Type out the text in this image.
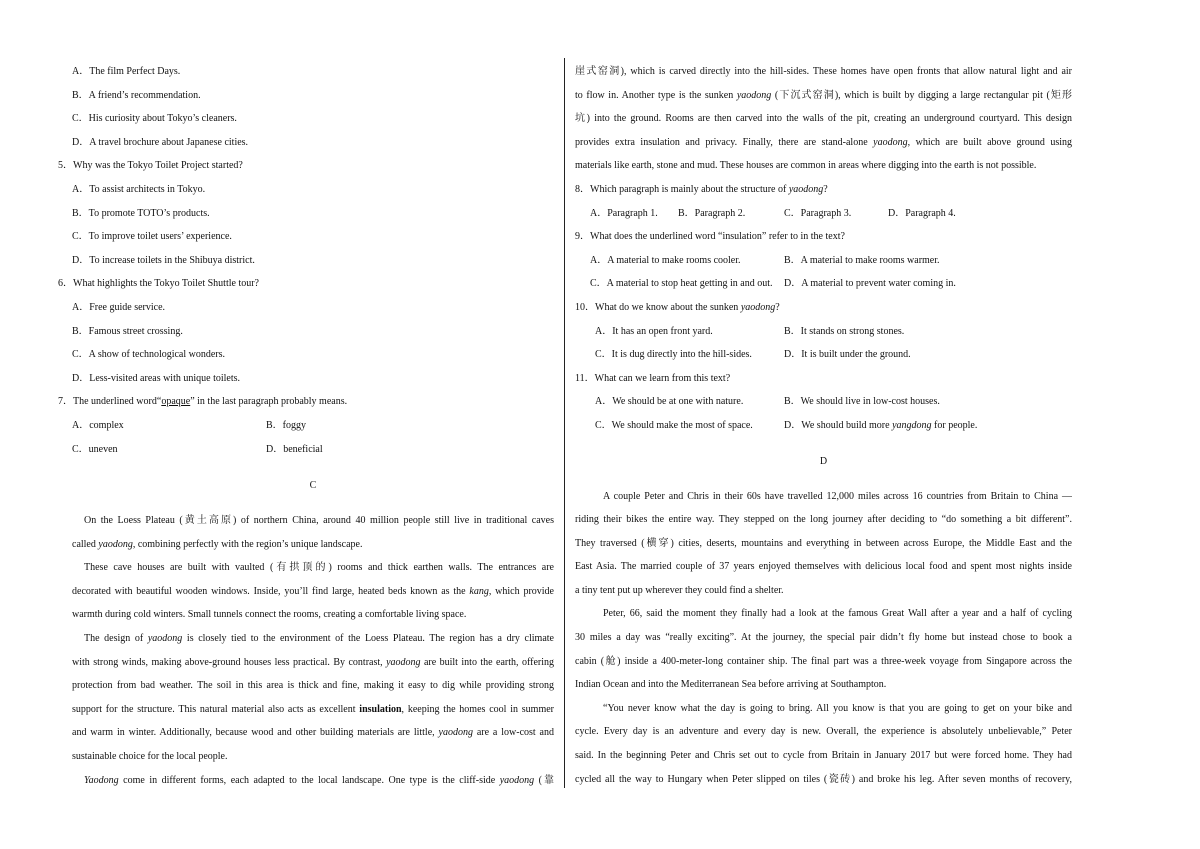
A．The film Perfect Days.
B．A friend’s recommendation.
C．His curiosity about Tokyo’s cleaners.
D．A travel brochure about Japanese cities.
5．Why was the Tokyo Toilet Project started?
A．To assist architects in Tokyo.
B．To promote TOTO’s products.
C．To improve toilet users’ experience.
D．To increase toilets in the Shibuya district.
6．What highlights the Tokyo Toilet Shuttle tour?
A．Free guide service.
B．Famous street crossing.
C．A show of technological wonders.
D．Less-visited areas with unique toilets.
7．The underlined word“opaque” in the last paragraph probably means.
A．complex	B．foggy
C．uneven	D．beneficial
C
On the Loess Plateau (黄土高原) of northern China, around 40 million people still live in traditional caves
called yaodong, combining perfectly with the region’s unique landscape.
These cave houses are built with vaulted (有拱顶的) rooms and thick earthen walls. The entrances are
decorated with beautiful wooden windows. Inside, you’ll find large, heated beds known as the kang, which provide
warmth during cold winters. Small tunnels connect the rooms, creating a comfortable living space.
The design of yaodong is closely tied to the environment of the Loess Plateau. The region has a dry climate
with strong winds, making above-ground houses less practical. By contrast, yaodong are built into the earth, offering
protection from bad weather. The soil in this area is thick and fine, making it easy to dig while providing strong
support for the structure. This natural material also acts as excellent insulation, keeping the homes cool in summer
and warm in winter. Additionally, because wood and other building materials are little, yaodong are a low-cost and
sustainable choice for the local people.
Yaodong come in different forms, each adapted to the local landscape. One type is the cliff-side yaodong (靠
崖式窑洞), which is carved directly into the hill-sides. These homes have open fronts that allow natural light and air
to flow in. Another type is the sunken yaodong (下沉式窑洞), which is built by digging a large rectangular pit (矩形
坑) into the ground. Rooms are then carved into the walls of the pit, creating an underground courtyard. This design
provides extra insulation and privacy. Finally, there are stand-alone yaodong, which are built above ground using
materials like earth, stone and mud. These houses are common in areas where digging into the earth is not possible.
8．Which paragraph is mainly about the structure of yaodong?
A．Paragraph 1.	B．Paragraph 2.	C．Paragraph 3.	D．Paragraph 4.
9．What does the underlined word “insulation” refer to in the text?
A．A material to make rooms cooler.	B．A material to make rooms warmer.
C．A material to stop heat getting in and out.	D．A material to prevent water coming in.
10．What do we know about the sunken yaodong?
A．It has an open front yard.	B．It stands on strong stones.
C．It is dug directly into the hill-sides.	D．It is built under the ground.
11．What can we learn from this text?
A．We should be at one with nature.	B．We should live in low-cost houses.
C．We should make the most of space.	D．We should build more yangdong for people.
D
A couple Peter and Chris in their 60s have travelled 12,000 miles across 16 countries from Britain to China —
riding their bikes the entire way. They stepped on the long journey after deciding to “do something a bit different”.
They traversed (横穿) cities, deserts, mountains and everything in between across Europe, the Middle East and the
East Asia. The married couple of 37 years enjoyed themselves with delicious local food and spent most nights inside
a tiny tent put up wherever they could find a shelter.
Peter, 66, said the moment they finally had a look at the famous Great Wall after a year and a half of cycling
30 miles a day was “really exciting”. At the journey, the special pair didn’t fly home but instead chose to book a
cabin (舱) inside a 400-meter-long container ship. The final part was a three-week voyage from Singapore across the
Indian Ocean and into the Mediterranean Sea before arriving at Southampton.
“You never know what the day is going to bring. All you know is that you are going to get on your bike and
cycle. Every day is an adventure and every day is new. Overall, the experience is absolutely unbelievable,” Peter
said. In the beginning Peter and Chris set out to cycle from Britain in January 2017 but were forced home. They had
cycled all the way to Hungary when Peter slipped on tiles (瓷砖) and broke his leg. After seven months of recovery,
